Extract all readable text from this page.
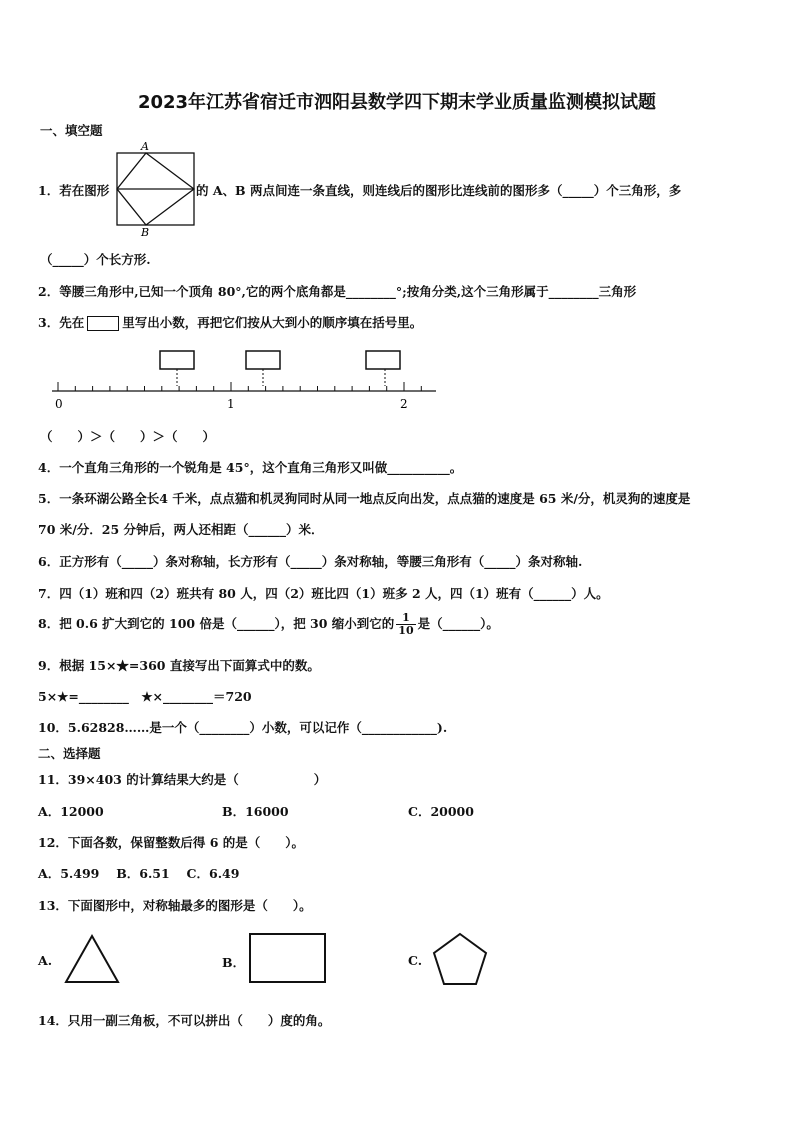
2023年江苏省宿迁市泗阳县数学四下期末学业质量监测模拟试题
一、填空题
1．若在图形
A
B
的 A、B 两点间连一条直线，则连线后的图形比连线前的图形多（_____）个三角形，多
（_____）个长方形.
2．等腰三角形中,已知一个顶角 80°,它的两个底角都是________°;按角分类,这个三角形属于________三角形
3．先在	里写出小数，再把它们按从大到小的顺序填在括号里。
0	1	2
（　　）＞（　　）＞（　　）
4．一个直角三角形的一个锐角是 45°，这个直角三角形又叫做__________。
5．一条环湖公路全长4 千米，点点猫和机灵狗同时从同一地点反向出发，点点猫的速度是 65 米/分，机灵狗的速度是
70 米/分．25 分钟后，两人还相距（______）米．
6．正方形有（_____）条对称轴，长方形有（_____）条对称轴，等腰三角形有（_____）条对称轴.
7．四（1）班和四（2）班共有 80 人，四（2）班比四（1）班多 2 人，四（1）班有（______）人。
8．把 0.6 扩大到它的 100 倍是（______），把 30 缩小到它的 $\frac{1}{10}$ 是（______）。
9．根据 15×★=360 直接写出下面算式中的数。
5×★=________　★×________＝720
10．5.62828……是一个（________）小数，可以记作（____________).
二、选择题
11．39×403 的计算结果大约是（　　　　　　）
A．12000	B．16000	C．20000
12．下面各数，保留整数后得 6 的是（　　）。
A．5.499　 B．6.51　 C．6.49
13．下面图形中，对称轴最多的图形是（　　）。
A.	B．	C.
14．只用一副三角板，不可以拼出（　　）度的角。
